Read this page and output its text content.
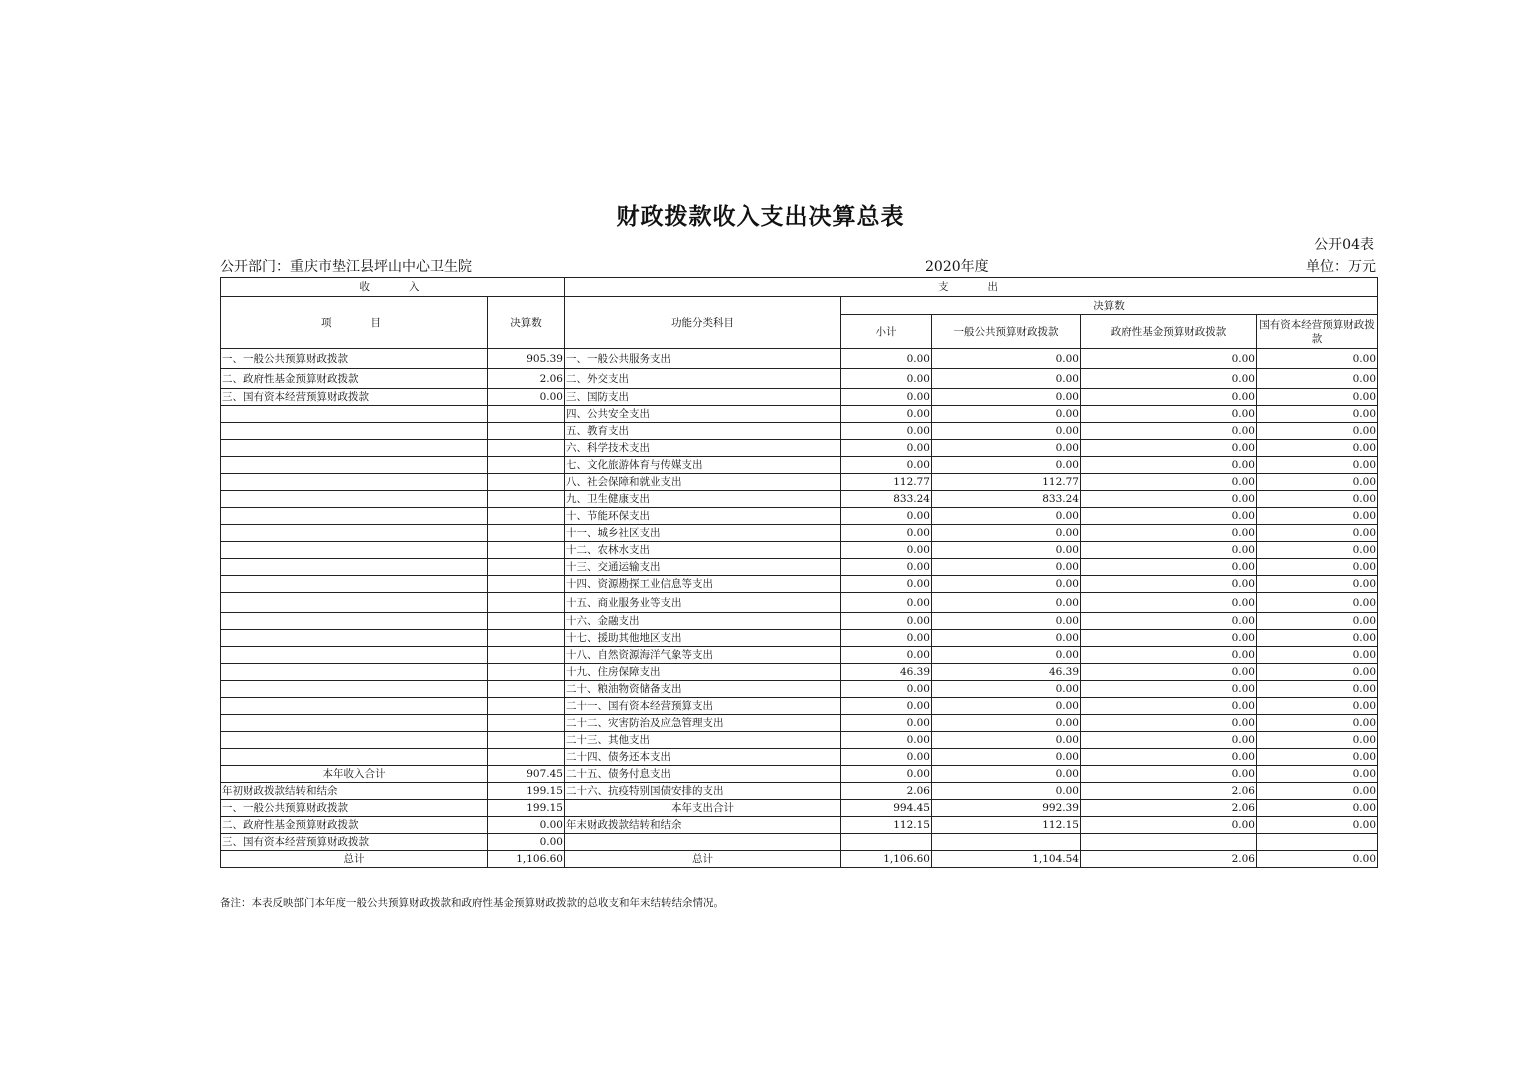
财政拨款收入支出决算总表
公开04表
公开部门：重庆市垫江县坪山中心卫生院	2020年度	单位：万元
收　　入		支　　出				
项　　目	决算数	功能分类科目	决算数			
			小计	一般公共预算财政拨款	政府性基金预算财政拨款	国有资本经营预算财政拨款
一、一般公共预算财政拨款	905.39	一、一般公共服务支出	0.00	0.00	0.00	0.00
二、政府性基金预算财政拨款	2.06	二、外交支出	0.00	0.00	0.00	0.00
三、国有资本经营预算财政拨款	0.00	三、国防支出	0.00	0.00	0.00	0.00
		四、公共安全支出	0.00	0.00	0.00	0.00
		五、教育支出	0.00	0.00	0.00	0.00
		六、科学技术支出	0.00	0.00	0.00	0.00
		七、文化旅游体育与传媒支出	0.00	0.00	0.00	0.00
		八、社会保障和就业支出	112.77	112.77	0.00	0.00
		九、卫生健康支出	833.24	833.24	0.00	0.00
		十、节能环保支出	0.00	0.00	0.00	0.00
		十一、城乡社区支出	0.00	0.00	0.00	0.00
		十二、农林水支出	0.00	0.00	0.00	0.00
		十三、交通运输支出	0.00	0.00	0.00	0.00
		十四、资源勘探工业信息等支出	0.00	0.00	0.00	0.00
		十五、商业服务业等支出	0.00	0.00	0.00	0.00
		十六、金融支出	0.00	0.00	0.00	0.00
		十七、援助其他地区支出	0.00	0.00	0.00	0.00
		十八、自然资源海洋气象等支出	0.00	0.00	0.00	0.00
		十九、住房保障支出	46.39	46.39	0.00	0.00
		二十、粮油物资储备支出	0.00	0.00	0.00	0.00
		二十一、国有资本经营预算支出	0.00	0.00	0.00	0.00
		二十二、灾害防治及应急管理支出	0.00	0.00	0.00	0.00
		二十三、其他支出	0.00	0.00	0.00	0.00
		二十四、债务还本支出	0.00	0.00	0.00	0.00
本年收入合计	907.45	二十五、债务付息支出	0.00	0.00	0.00	0.00
年初财政拨款结转和结余	199.15	二十六、抗疫特别国债安排的支出	2.06	0.00	2.06	0.00
一、一般公共预算财政拨款	199.15	本年支出合计	994.45	992.39	2.06	0.00
二、政府性基金预算财政拨款	0.00	年末财政拨款结转和结余	112.15	112.15	0.00	0.00
三、国有资本经营预算财政拨款	0.00					
总计	1,106.60	总计	1,106.60	1,104.54	2.06	0.00
备注：本表反映部门本年度一般公共预算财政拨款和政府性基金预算财政拨款的总收支和年末结转结余情况。
